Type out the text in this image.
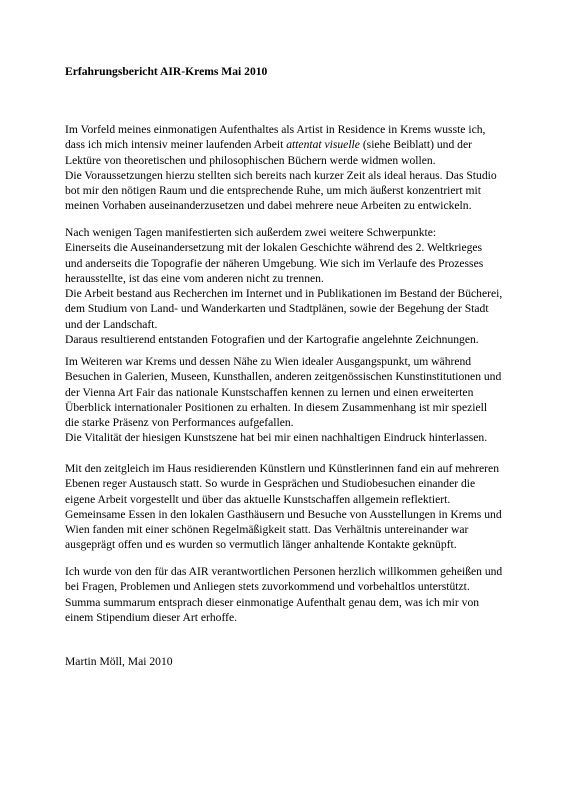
Erfahrungsbericht AIR-Krems Mai 2010

Im Vorfeld meines einmonatigen Aufenthaltes als Artist in Residence in Krems wusste ich,
dass ich mich intensiv meiner laufenden Arbeit attentat visuelle (siehe Beiblatt) und der
Lektüre von theoretischen und philosophischen Büchern werde widmen wollen.
Die Voraussetzungen hierzu stellten sich bereits nach kurzer Zeit als ideal heraus. Das Studio
bot mir den nötigen Raum und die entsprechende Ruhe, um mich äußerst konzentriert mit
meinen Vorhaben auseinanderzusetzen und dabei mehrere neue Arbeiten zu entwickeln.

Nach wenigen Tagen manifestierten sich außerdem zwei weitere Schwerpunkte:
Einerseits die Auseinandersetzung mit der lokalen Geschichte während des 2. Weltkrieges
und anderseits die Topografie der näheren Umgebung. Wie sich im Verlaufe des Prozesses
herausstellte, ist das eine vom anderen nicht zu trennen.
Die Arbeit bestand aus Recherchen im Internet und in Publikationen im Bestand der Bücherei,
dem Studium von Land- und Wanderkarten und Stadtplänen, sowie der Begehung der Stadt
und der Landschaft.
Daraus resultierend entstanden Fotografien und der Kartografie angelehnte Zeichnungen.

Im Weiteren war Krems und dessen Nähe zu Wien idealer Ausgangspunkt, um während
Besuchen in Galerien, Museen, Kunsthallen, anderen zeitgenössischen Kunstinstitutionen und
der Vienna Art Fair das nationale Kunstschaffen kennen zu lernen und einen erweiterten
Überblick internationaler Positionen zu erhalten. In diesem Zusammenhang ist mir speziell
die starke Präsenz von Performances aufgefallen.
Die Vitalität der hiesigen Kunstszene hat bei mir einen nachhaltigen Eindruck hinterlassen.

Mit den zeitgleich im Haus residierenden Künstlern und Künstlerinnen fand ein auf mehreren
Ebenen reger Austausch statt. So wurde in Gesprächen und Studiobesuchen einander die
eigene Arbeit vorgestellt und über das aktuelle Kunstschaffen allgemein reflektiert.
Gemeinsame Essen in den lokalen Gasthäusern und Besuche von Ausstellungen in Krems und
Wien fanden mit einer schönen Regelmäßigkeit statt. Das Verhältnis untereinander war
ausgeprägt offen und es wurden so vermutlich länger anhaltende Kontakte geknüpft.

Ich wurde von den für das AIR verantwortlichen Personen herzlich willkommen geheißen und
bei Fragen, Problemen und Anliegen stets zuvorkommend und vorbehaltlos unterstützt.
Summa summarum entsprach dieser einmonatige Aufenthalt genau dem, was ich mir von
einem Stipendium dieser Art erhoffe.

Martin Möll, Mai 2010
